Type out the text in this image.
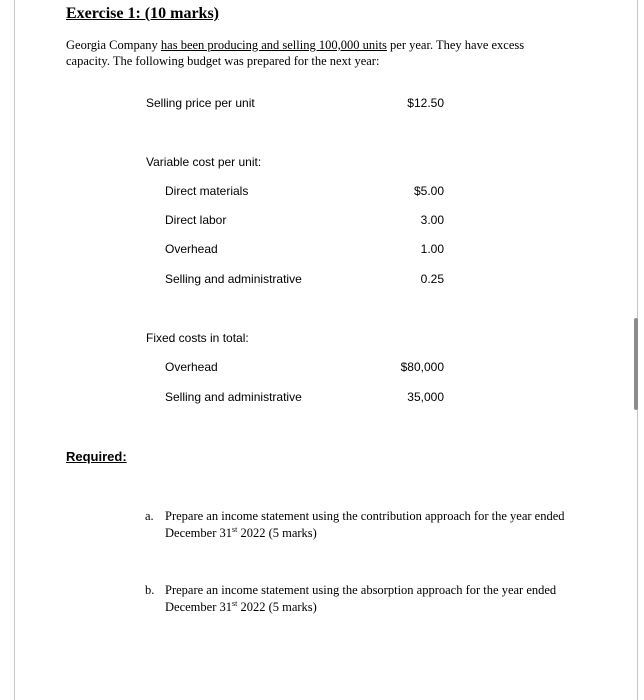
Exercise 1: (10 marks)
Georgia Company has been producing and selling 100,000 units per year. They have excess capacity. The following budget was prepared for the next year:
Selling price per unit	$12.50
Variable cost per unit:
Direct materials	$5.00
Direct labor	3.00
Overhead	1.00
Selling and administrative	0.25
Fixed costs in total:
Overhead	$80,000
Selling and administrative	35,000
Required:
a. Prepare an income statement using the contribution approach for the year ended December 31st 2022 (5 marks)
b. Prepare an income statement using the absorption approach for the year ended December 31st 2022 (5 marks)
